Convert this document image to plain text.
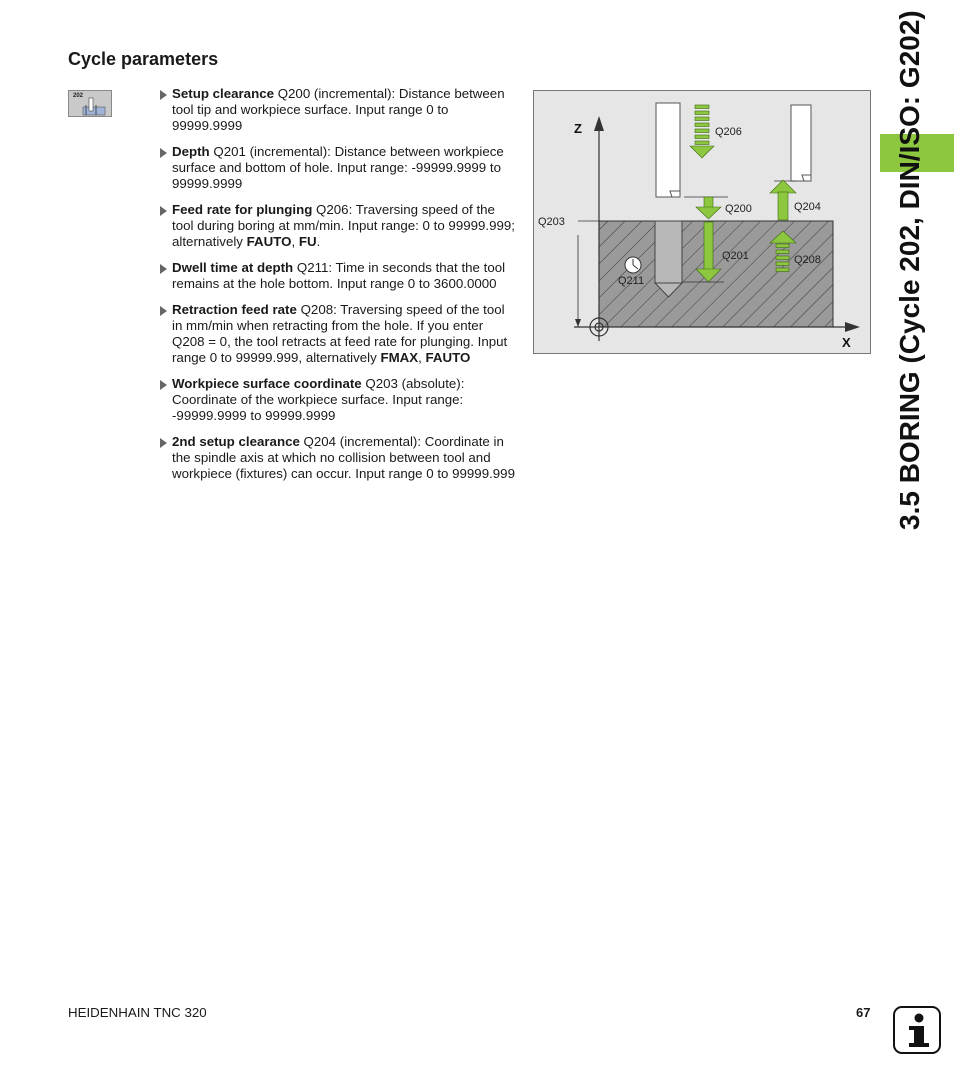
Cycle parameters
202	Setup clearance Q200 (incremental): Distance between tool tip and workpiece surface. Input range 0 to 99999.9999
Depth Q201 (incremental): Distance between workpiece surface and bottom of hole. Input range: -99999.9999 to 99999.9999
Feed rate for plunging Q206: Traversing speed of the tool during boring at mm/min. Input range: 0 to 99999.999; alternatively FAUTO, FU.
Dwell time at depth Q211: Time in seconds that the tool remains at the hole bottom. Input range 0 to 3600.0000
Retraction feed rate Q208: Traversing speed of the tool in mm/min when retracting from the hole. If you enter Q208 = 0, the tool retracts at feed rate for plunging. Input range 0 to 99999.999, alternatively FMAX, FAUTO
Workpiece surface coordinate Q203 (absolute): Coordinate of the workpiece surface. Input range: -99999.9999 to 99999.9999
2nd setup clearance Q204 (incremental): Coordinate in the spindle axis at which no collision between tool and workpiece (fixtures) can occur. Input range 0 to 99999.999
Z
X
Q203
Q206
Q200
Q201
Q204
Q208
Q211	3.5 BORING (Cycle 202, DIN/ISO: G202)
HEIDENHAIN TNC 320	67
